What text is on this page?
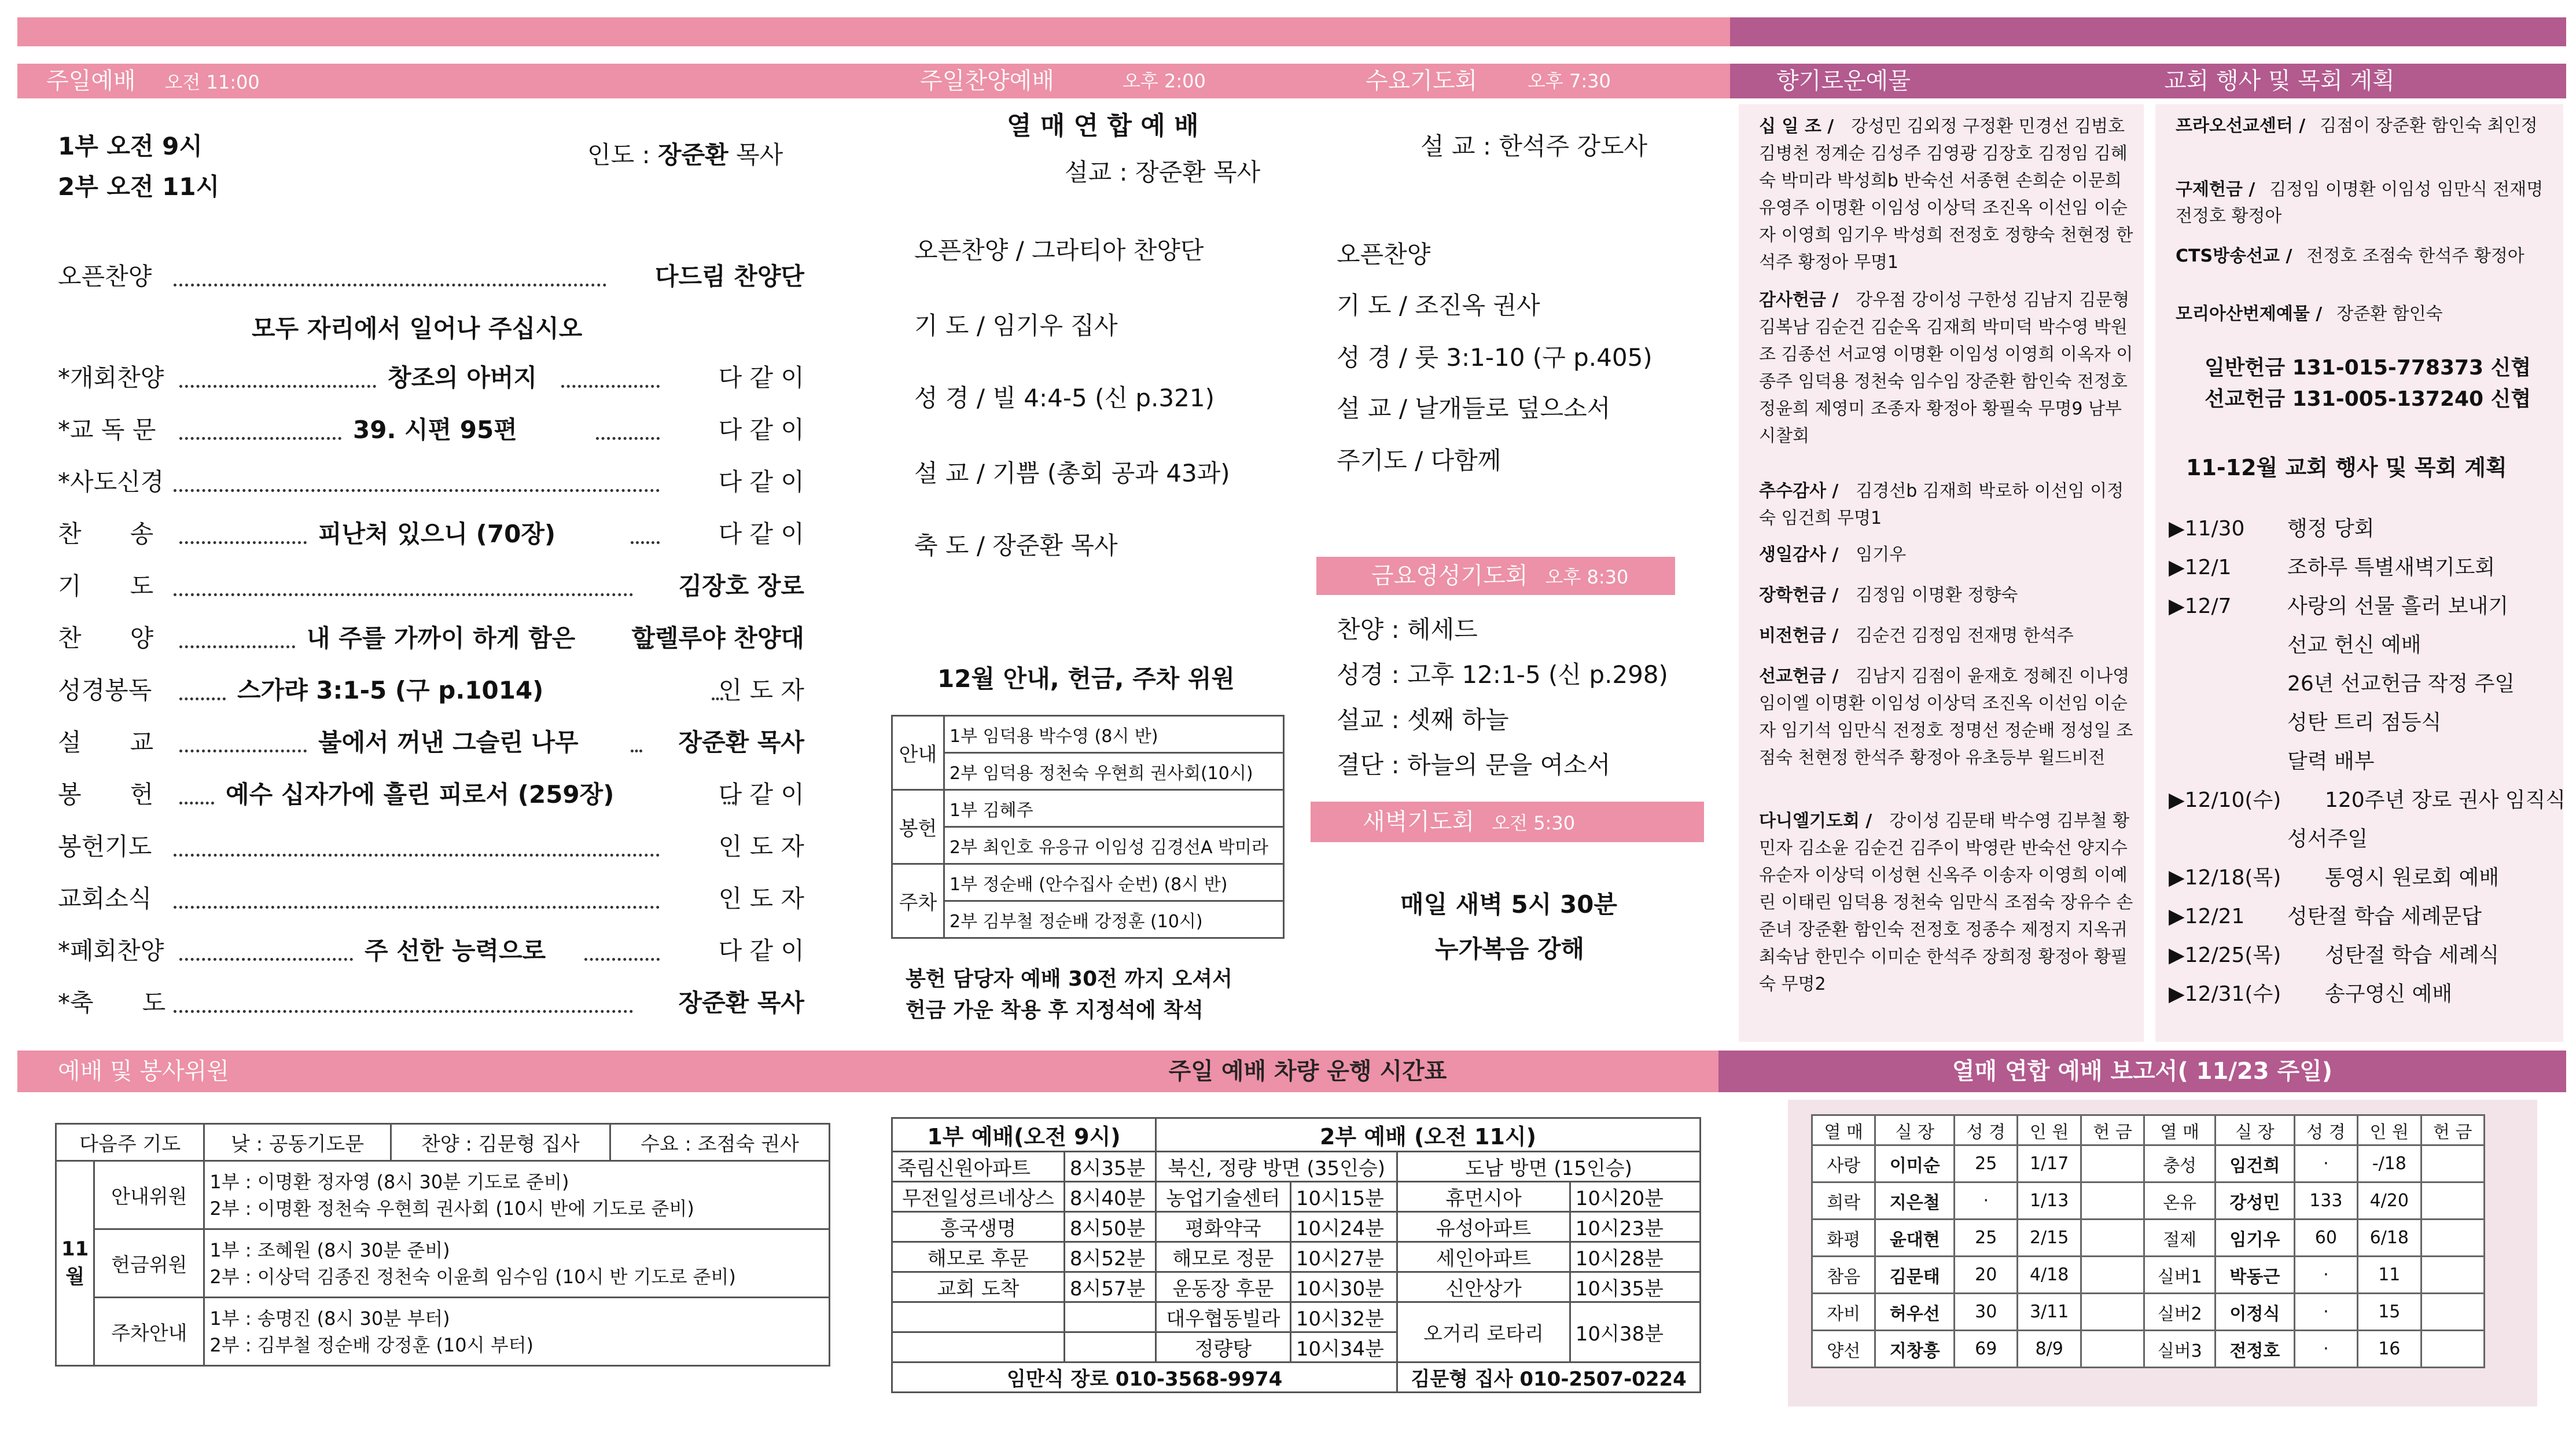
주일예배 오전 11:00	주일찬양예배	오후 2:00	수요기도회	오후 7:30	향기로운예물	교회 행사 및 목회 계획
1부 오전 9시
2부 오전 11시
인도 : 장준환 목사
모두 자리에서 일어나 주십시오
오픈찬양	다드림 찬양단
*개회찬양	창조의 아버지	다 같 이
*교 독 문	39. 시편 95편	다 같 이
*사도신경	다 같 이
찬　　송	피난처 있으니 (70장)	다 같 이
기　　도	김장호 장로
찬　　양	내 주를 가까이 하게 함은 할렐루야 찬양대
성경봉독	스가랴 3:1-5 (구 p.1014)	인 도 자
설　　교	불에서 꺼낸 그슬린 나무	장준환 목사
봉　　헌	예수 십자가에 흘린 피로서 (259장)	다 같 이
봉헌기도	인 도 자
교회소식	인 도 자
*폐회찬양	주 선한 능력으로	다 같 이
*축　　도	장준환 목사
열 매 연 합 예 배
설교 : 장준환 목사
오픈찬양 / 그라티아 찬양단
기 도 / 임기우 집사
성 경 / 빌 4:4-5 (신 p.321)
설 교 / 기쁨 (총회 공과 43과)
축 도 / 장준환 목사
설 교 : 한석주 강도사
오픈찬양
기 도 / 조진옥 권사
성 경 / 룻 3:1-10 (구 p.405)
설 교 / 날개들로 덮으소서
주기도 / 다함께
금요영성기도회 오후 8:30
찬양 : 헤세드
성경 : 고후 12:1-5 (신 p.298)
설교 : 셋째 하늘
결단 : 하늘의 문을 여소서
새벽기도회 오전 5:30
매일 새벽 5시 30분
누가복음 강해
12월 안내, 헌금, 주차 위원
안내	1부 임덕용 박수영 (8시 반)
	2부 임덕용 정천숙 우현희 권사회(10시)
봉헌	1부 김혜주
	2부 최인호 유응규 이임성 김경선A 박미라
주차	1부 정순배 (안수집사 순번) (8시 반)
	2부 김부철 정순배 강정훈 (10시)
봉헌 담당자 예배 30전 까지 오셔서
헌금 가운 착용 후 지정석에 착석
십 일 조 / 강성민 김외정 구정환 민경선 김범호 김병천 정계순 김성주 김영광 김장호 김정임 김혜숙 박미라 박성희b 반숙선 서종현 손희순 이문희 유영주 이명환 이임성 이상덕 조진옥 이선임 이순자 이영희 임기우 박성희 전정호 정향숙 천현정 한석주 황정아 무명1
감사헌금 / 강우점 강이성 구한성 김남지 김문형 김복남 김순건 김순옥 김재희 박미덕 박수영 박원조 김종선 서교영 이명환 이임성 이영희 이옥자 이종주 임덕용 정천숙 임수임 장준환 함인숙 전정호 정윤희 제영미 조종자 황정아 황필숙 무명9 남부시찰회
추수감사 / 김경선b 김재희 박로하 이선임 이정숙 임건희 무명1
생일감사 / 임기우
장학헌금 / 김정임 이명환 정향숙
비전헌금 / 김순건 김정임 전재명 한석주
선교헌금 / 김남지 김점이 윤재호 정혜진 이나영 임이엘 이명환 이임성 이상덕 조진옥 이선임 이순자 임기석 임만식 전정호 정명선 정순배 정성일 조점숙 천현정 한석주 황정아 유초등부 윌드비전
다니엘기도회 / 강이성 김문태 박수영 김부철 황민자 김소윤 김순건 김주이 박영란 반숙선 양지수 유순자 이상덕 이성현 신옥주 이송자 이영희 이예린 이태린 임덕용 정천숙 임만식 조점숙 장유수 손준녀 장준환 함인숙 전정호 정종수 제정지 지옥귀 최숙남 한민수 이미순 한석주 장희정 황정아 황필숙 무명2
프라오선교센터 / 김점이 장준환 함인숙 최인정
구제헌금 / 김정임 이명환 이임성 임만식 전재명 전정호 황정아
CTS방송선교 / 전정호 조점숙 한석주 황정아
모리아산번제예물 / 장준환 함인숙
일반헌금 131-015-778373 신협
선교헌금 131-005-137240 신협
11-12월 교회 행사 및 목회 계획
▶11/30 행정 당회
▶12/1	조하루 특별새벽기도회
▶12/7	사랑의 선물 흘러 보내기
선교 헌신 예배
26년 선교헌금 작정 주일
성탄 트리 점등식
달력 배부
▶12/10(수) 120주년 장로 권사 임직식
성서주일
▶12/18(목) 통영시 원로회 예배
▶12/21 성탄절 학습 세례문답
▶12/25(목) 성탄절 학습 세례식
▶12/31(수) 송구영신 예배
예배 및 봉사위원	주일 예배 차량 운행 시간표	열매 연합 예배 보고서( 11/23 주일)
다음주 기도		낮 : 공동기도문	찬양 : 김문형 집사	수요 : 조점숙 권사
11 월	안내위원	1부 : 이명환 정자영 (8시 30분 기도로 준비)
2부 : 이명환 정천숙 우현희 권사회 (10시 반에 기도로 준비)		

	헌금위원	1부 : 조혜원 (8시 30분 준비)
2부 : 이상덕 김종진 정천숙 이윤희 임수임 (10시 반 기도로 준비)		

	주차안내	1부 : 송명진 (8시 30분 부터)
2부 : 김부철 정순배 강정훈 (10시 부터)		
1부 예배(오전 9시)		2부 예배 (오전 11시)			
죽림신원아파트	8시35분	북신, 정량 방면 (35인승)		도남 방면 (15인승)	
무전일성르네상스	8시40분	농업기술센터	10시15분	휴먼시아	10시20분
흥국생명	8시50분	평화약국	10시24분	유성아파트	10시23분
해모로 후문	8시52분	해모로 정문	10시27분	세인아파트	10시28분
교회 도착	8시57분	운동장 후문	10시30분	신안상가	10시35분
		대우협동빌라	10시32분	오거리 로타리	10시38분
		정량탕	10시34분		
임만식 장로 010-3568-9974				김문형 집사 010-2507-0224	
열 매	실 장	성 경	인 원	헌 금	열 매	실 장	성 경	인 원	헌 금
사랑	이미순	25	1/17		충성	임건희	·	-/18	
희락	지은철	·	1/13		온유	강성민	133	4/20	
화평	윤대현	25	2/15		절제	임기우	60	6/18	
참음	김문태	20	4/18		실버1	박동근	·	11	
자비	허우선	30	3/11		실버2	이정식	·	15	
양선	지창흥	69	8/9		실버3	전정호	·	16	
